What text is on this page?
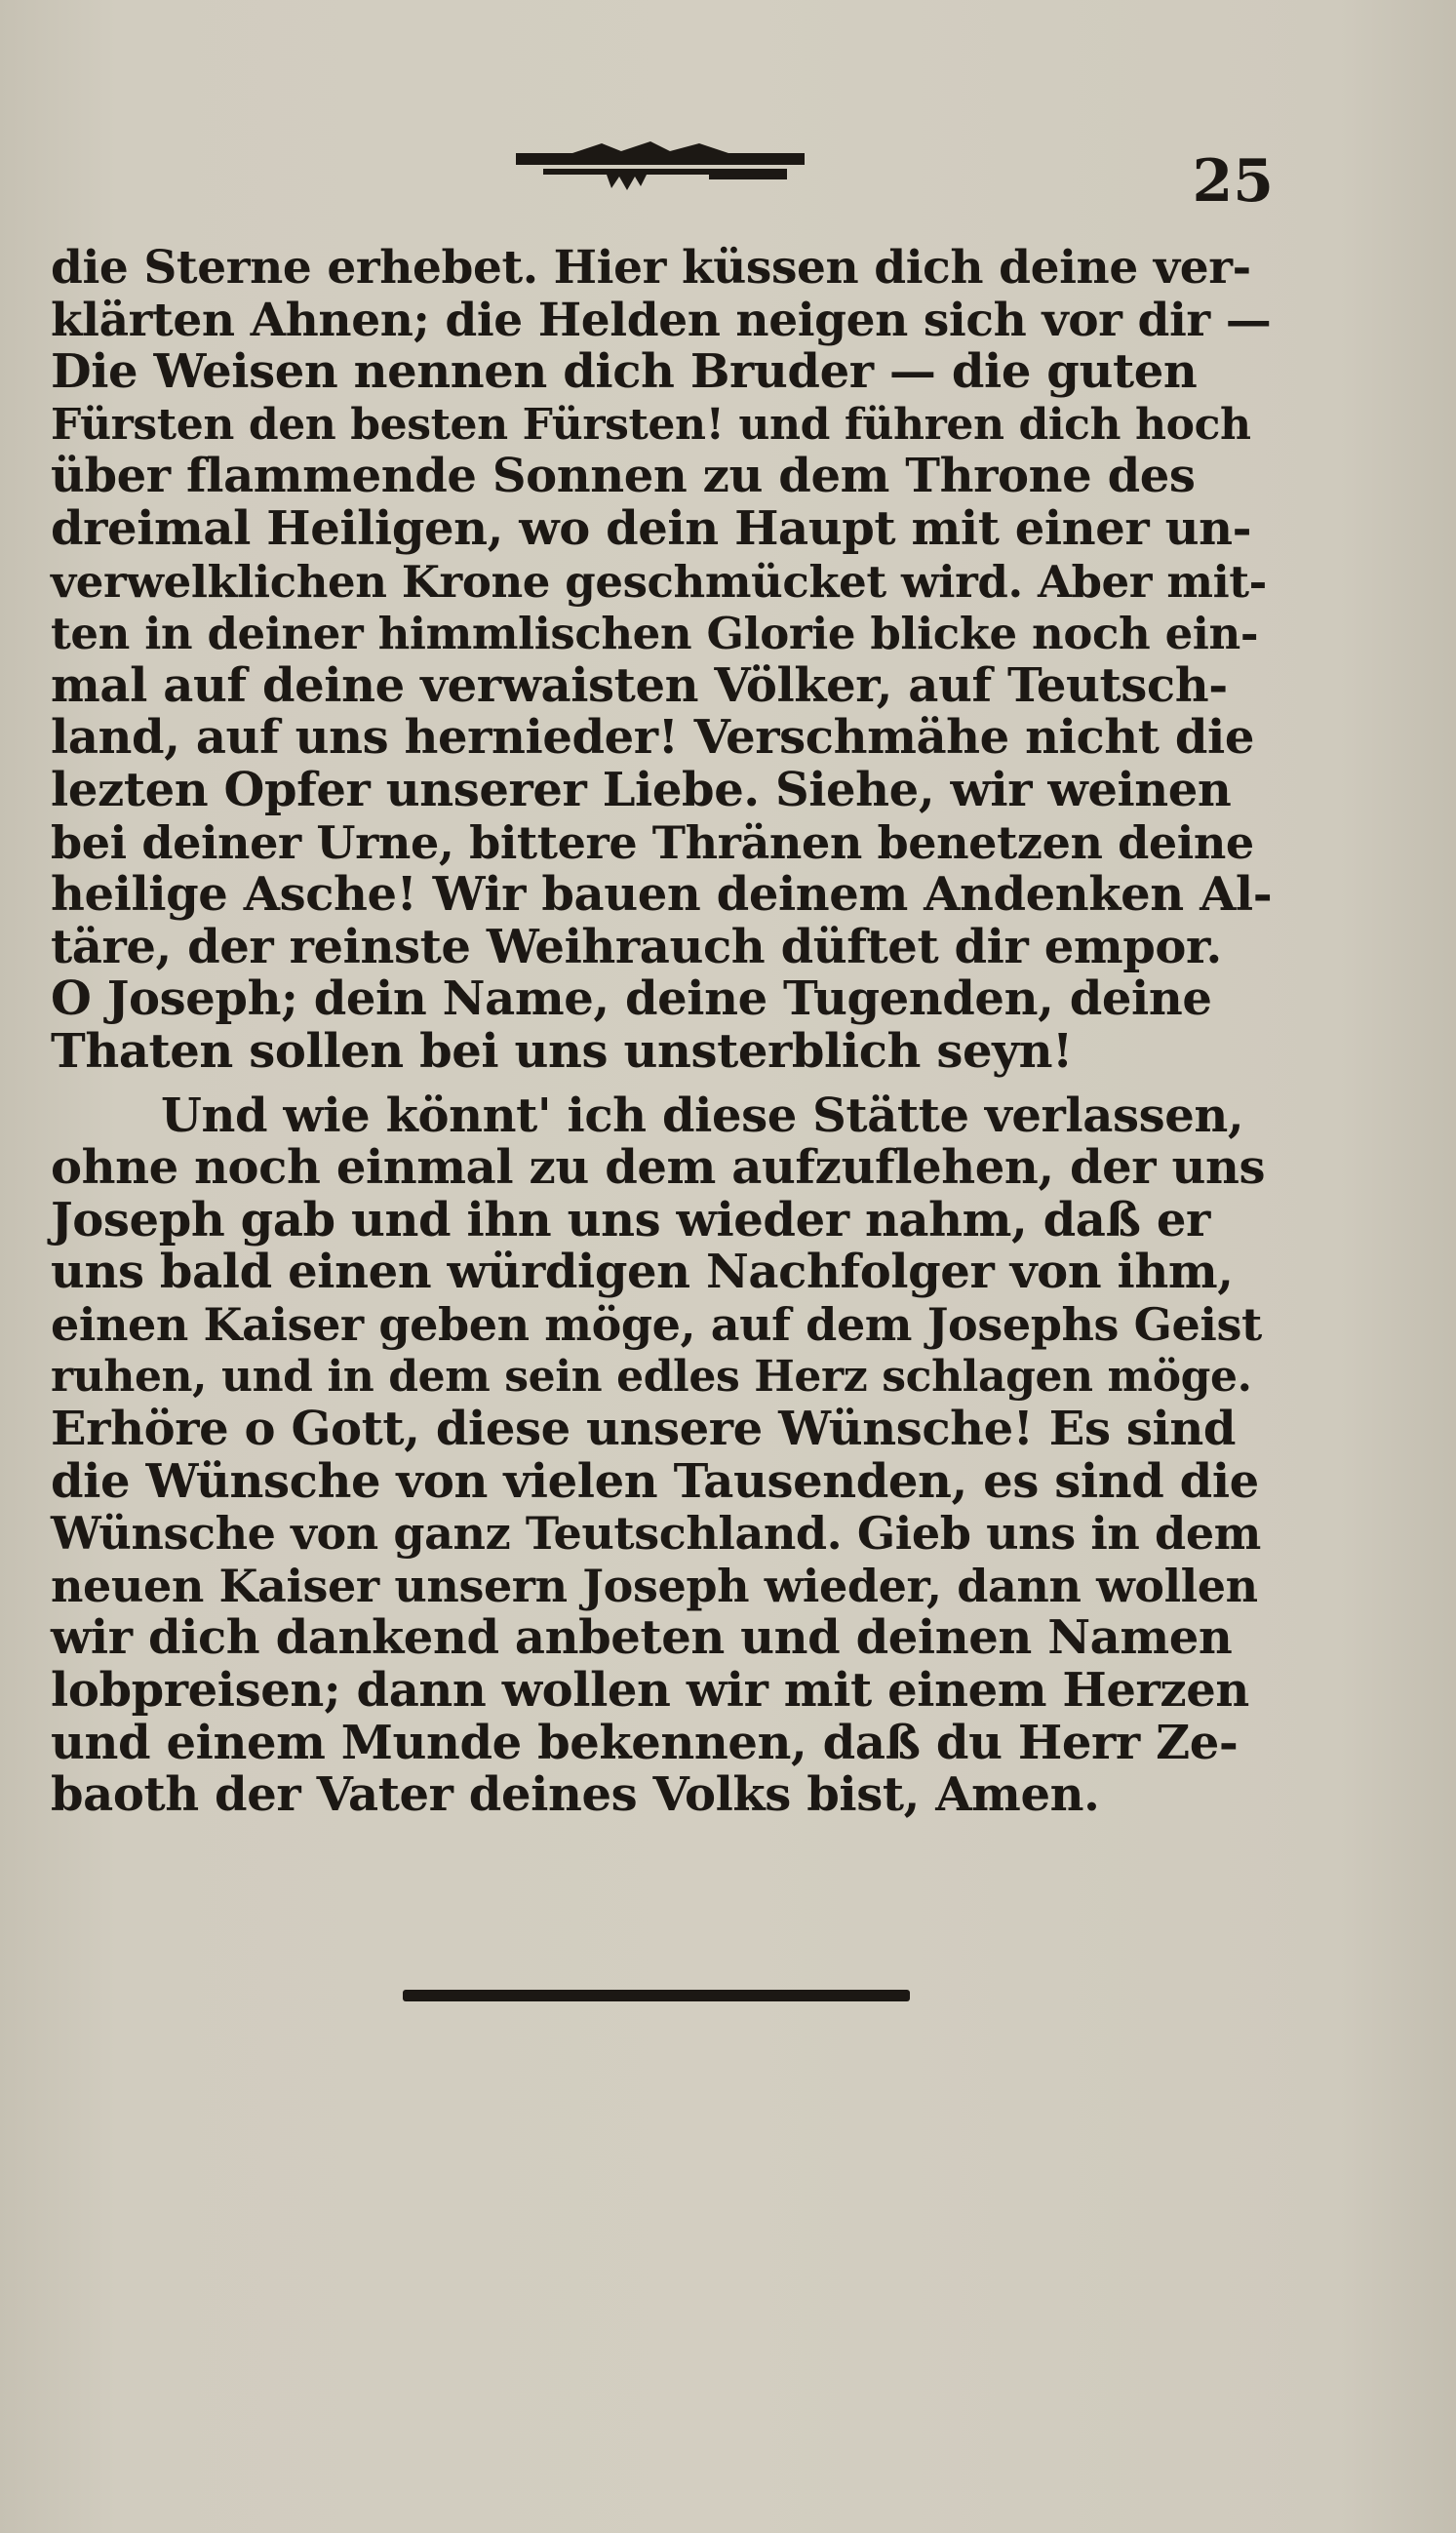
25
die Sterne erhebet. Hier küssen dich deine ver-
klärten Ahnen; die Helden neigen sich vor dir —
Die Weisen nennen dich Bruder — die guten
Fürsten den besten Fürsten! und führen dich hoch
über flammende Sonnen zu dem Throne des
dreimal Heiligen, wo dein Haupt mit einer un-
verwelklichen Krone geschmücket wird. Aber mit-
ten in deiner himmlischen Glorie blicke noch ein-
mal auf deine verwaisten Völker, auf Teutsch-
land, auf uns hernieder! Verschmähe nicht die
lezten Opfer unserer Liebe. Siehe, wir weinen
bei deiner Urne, bittere Thränen benetzen deine
heilige Asche! Wir bauen deinem Andenken Al-
täre, der reinste Weihrauch düftet dir empor.
O Joseph; dein Name, deine Tugenden, deine
Thaten sollen bei uns unsterblich seyn!
Und wie könnt' ich diese Stätte verlassen,
ohne noch einmal zu dem aufzuflehen, der uns
Joseph gab und ihn uns wieder nahm, daß er
uns bald einen würdigen Nachfolger von ihm,
einen Kaiser geben möge, auf dem Josephs Geist
ruhen, und in dem sein edles Herz schlagen möge.
Erhöre o Gott, diese unsere Wünsche! Es sind
die Wünsche von vielen Tausenden, es sind die
Wünsche von ganz Teutschland. Gieb uns in dem
neuen Kaiser unsern Joseph wieder, dann wollen
wir dich dankend anbeten und deinen Namen
lobpreisen; dann wollen wir mit einem Herzen
und einem Munde bekennen, daß du Herr Ze-
baoth der Vater deines Volks bist, Amen.
